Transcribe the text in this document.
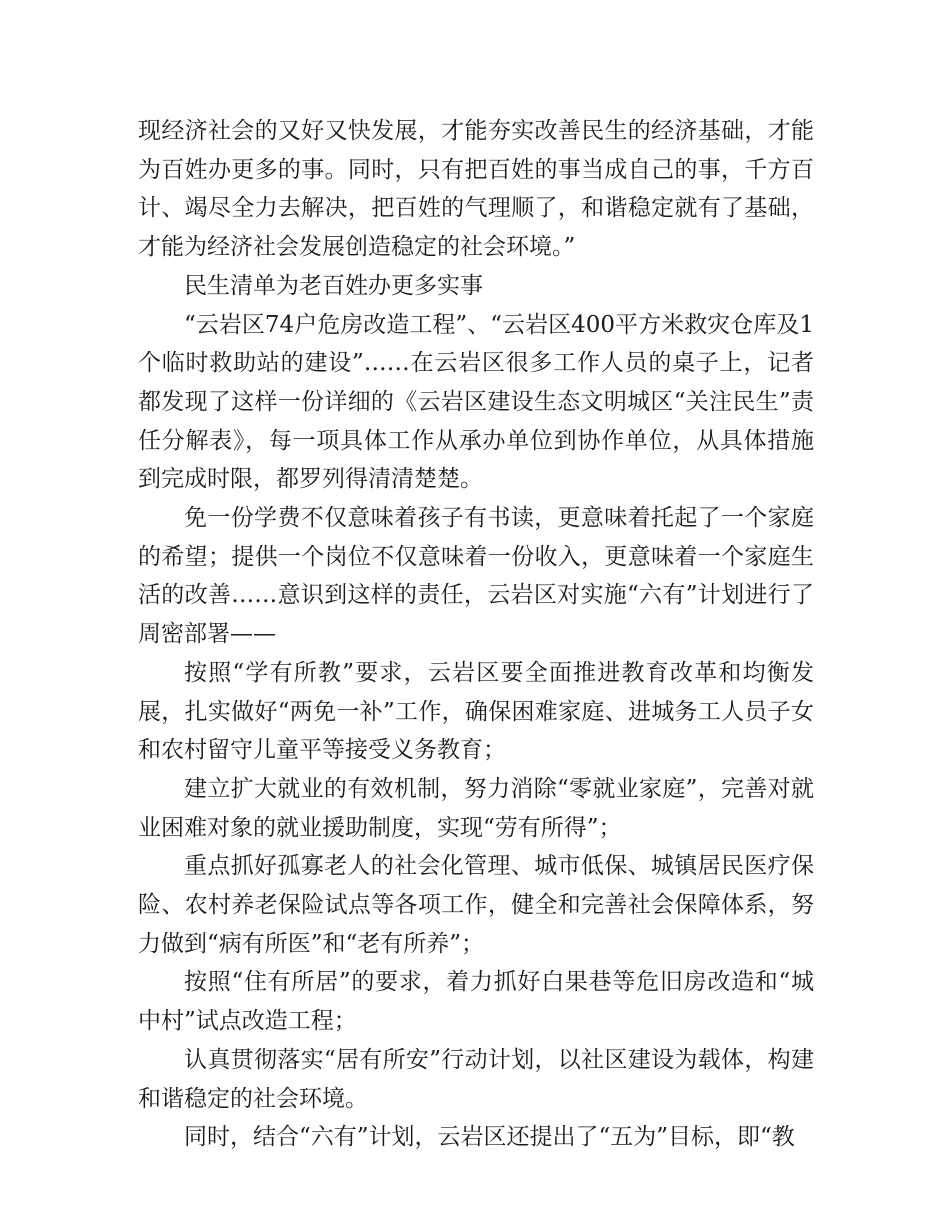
现经济社会的又好又快发展，才能夯实改善民生的经济基础，才能为百姓办更多的事。同时，只有把百姓的事当成自己的事，千方百计、竭尽全力去解决，把百姓的气理顺了，和谐稳定就有了基础，才能为经济社会发展创造稳定的社会环境。”

民生清单为老百姓办更多实事

“云岩区74户危房改造工程”、“云岩区400平方米救灾仓库及1个临时救助站的建设”……在云岩区很多工作人员的桌子上，记者都发现了这样一份详细的《云岩区建设生态文明城区“关注民生”责任分解表》，每一项具体工作从承办单位到协作单位，从具体措施到完成时限，都罗列得清清楚楚。

免一份学费不仅意味着孩子有书读，更意味着托起了一个家庭的希望；提供一个岗位不仅意味着一份收入，更意味着一个家庭生活的改善……意识到这样的责任，云岩区对实施“六有”计划进行了周密部署——

按照“学有所教”要求，云岩区要全面推进教育改革和均衡发展，扎实做好“两免一补”工作，确保困难家庭、进城务工人员子女和农村留守儿童平等接受义务教育；

建立扩大就业的有效机制，努力消除“零就业家庭”，完善对就业困难对象的就业援助制度，实现“劳有所得”；

重点抓好孤寡老人的社会化管理、城市低保、城镇居民医疗保险、农村养老保险试点等各项工作，健全和完善社会保障体系，努力做到“病有所医”和“老有所养”；

按照“住有所居”的要求，着力抓好白果巷等危旧房改造和“城中村”试点改造工程；

认真贯彻落实“居有所安”行动计划，以社区建设为载体，构建和谐稳定的社会环境。

同时，结合“六有”计划，云岩区还提出了“五为”目标，即“教
